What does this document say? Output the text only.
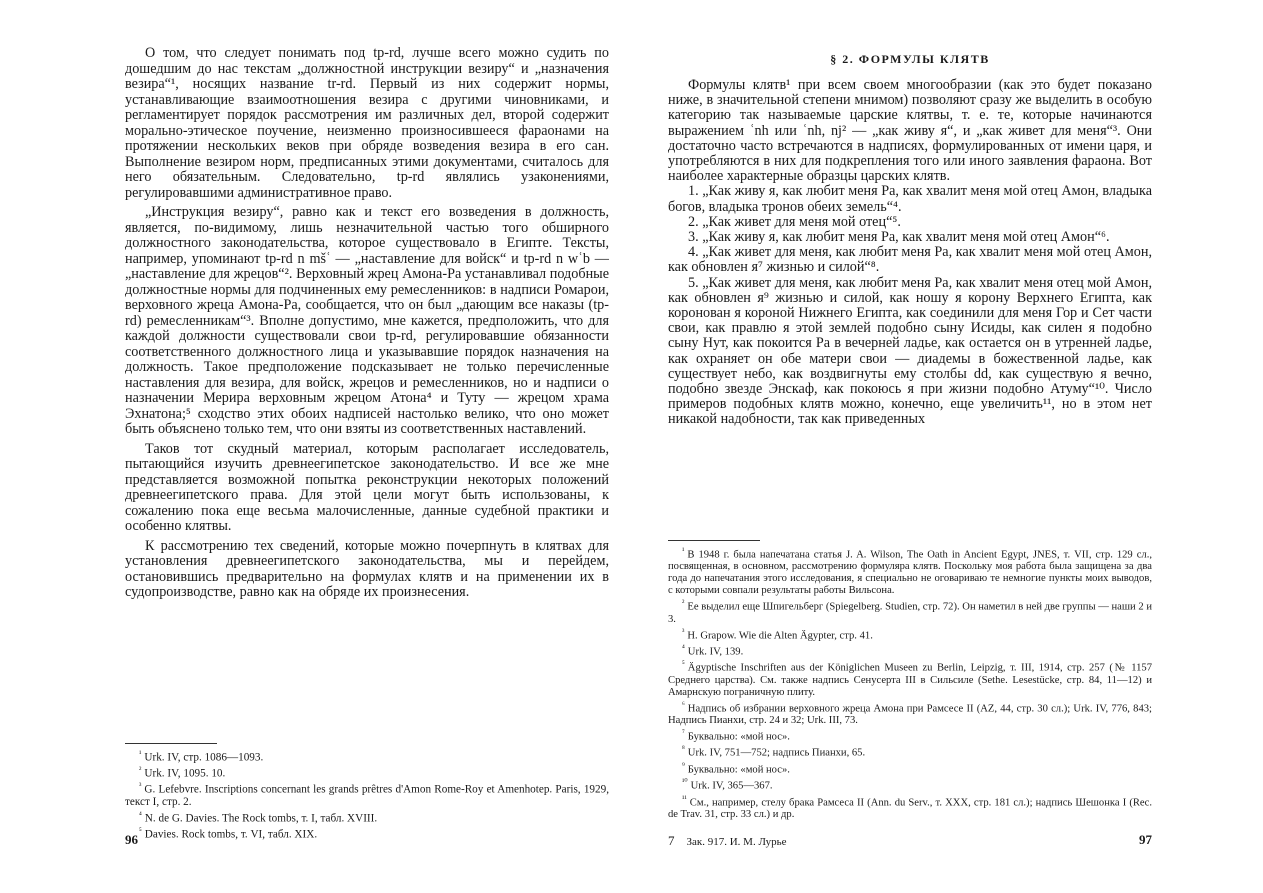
О том, что следует понимать под tp-rd, лучше всего можно судить по дошедшим до нас текстам „должностной инструкции везиру“ и „назначения везира“¹, носящих название tr-rd. Первый из них содержит нормы, устанавливающие взаимоотношения везира с другими чиновниками, и регламентирует порядок рассмотрения им различных дел, второй содержит морально-этическое поучение, неизменно произносившееся фараонами на протяжении нескольких веков при обряде возведения везира в его сан. Выполнение везиром норм, предписанных этими документами, считалось для него обязательным. Следовательно, tp-rd являлись узаконениями, регулировавшими административное право.

„Инструкция везиру“, равно как и текст его возведения в должность, является, по-видимому, лишь незначительной частью того обширного должностного законодательства, которое существовало в Египте. Тексты, например, упоминают tp-rd n mšʿ — „наставление для войск“ и tp-rd n wʿb — „наставление для жрецов“². Верховный жрец Амона-Ра устанавливал подобные должностные нормы для подчиненных ему ремесленников: в надписи Ромарои, верховного жреца Амона-Ра, сообщается, что он был „дающим все наказы (tp-rd) ремесленникам“³. Вполне допустимо, мне кажется, предположить, что для каждой должности существовали свои tp-rd, регулировавшие обязанности соответственного должностного лица и указывавшие порядок назначения на должность. Такое предположение подсказывает не только перечисленные наставления для везира, для войск, жрецов и ремесленников, но и надписи о назначении Мерира верховным жрецом Атона⁴ и Туту — жрецом храма Эхнатона;⁵ сходство этих обоих надписей настолько велико, что оно может быть объяснено только тем, что они взяты из соответственных наставлений.

Таков тот скудный материал, которым располагает исследователь, пытающийся изучить древнеегипетское законодательство. И все же мне представляется возможной попытка реконструкции некоторых положений древнеегипетского права. Для этой цели могут быть использованы, к сожалению пока еще весьма малочисленные, данные судебной практики и особенно клятвы.

К рассмотрению тех сведений, которые можно почерпнуть в клятвах для установления древнеегипетского законодательства, мы и перейдем, остановившись предварительно на формулах клятв и на применении их в судопроизводстве, равно как на обряде их произнесения.

$^{^1}$ Urk. IV, стр. 1086—1093.

$^{^2}$ Urk. IV, 1095. 10.

$^{^3}$ G. Lefebvre. Inscriptions concernant les grands prêtres d'Amon Rome-Roy et Amenhotep. Paris, 1929, текст I, стр. 2.

$^{^4}$ N. de G. Davies. The Rock tombs, т. I, табл. XVIII.

$^{^5}$ Davies. Rock tombs, т. VI, табл. XIX.

96
§ 2. ФОРМУЛЫ КЛЯТВ

Формулы клятв¹ при всем своем многообразии (как это будет показано ниже, в значительной степени мнимом) позволяют сразу же выделить в особую категорию так называемые царские клятвы, т. е. те, которые начинаются выражением ʿnh или ʿnh, nj² — „как живу я“, и „как живет для меня“³. Они достаточно часто встречаются в надписях, формулированных от имени царя, и употребляются в них для подкрепления того или иного заявления фараона. Вот наиболее характерные образцы царских клятв.

1. „Как живу я, как любит меня Ра, как хвалит меня мой отец Амон, владыка богов, владыка тронов обеих земель“⁴.

2. „Как живет для меня мой отец“⁵.

3. „Как живу я, как любит меня Ра, как хвалит меня мой отец Амон“⁶.

4. „Как живет для меня, как любит меня Ра, как хвалит меня мой отец Амон, как обновлен я⁷ жизнью и силой“⁸.

5. „Как живет для меня, как любит меня Ра, как хвалит меня отец мой Амон, как обновлен я⁹ жизнью и силой, как ношу я корону Верхнего Египта, как коронован я короной Нижнего Египта, как соединили для меня Гор и Сет части свои, как правлю я этой землей подобно сыну Исиды, как силен я подобно сыну Нут, как покоится Ра в вечерней ладье, как остается он в утренней ладье, как охраняет он обе матери свои — диадемы в божественной ладье, как существует небо, как воздвигнуты ему столбы dd, как существую я вечно, подобно звезде Энскаф, как покоюсь я при жизни подобно Атуму“¹⁰. Число примеров подобных клятв можно, конечно, еще увеличить¹¹, но в этом нет никакой надобности, так как приведенных

$^{^1}$ В 1948 г. была напечатана статья J. A. Wilson, The Oath in Ancient Egypt, JNES, т. VII, стр. 129 сл., посвященная, в основном, рассмотрению формуляра клятв. Поскольку моя работа была защищена за два года до напечатания этого исследования, я специально не оговариваю те немногие пункты моих выводов, с которыми совпали результаты работы Вильсона.

$^{^2}$ Ее выделил еще Шпигельберг (Spiegelberg. Studien, стр. 72). Он наметил в ней две группы — наши 2 и 3.

$^{^3}$ H. Grapow. Wie die Alten Ägypter, стр. 41.

$^{^4}$ Urk. IV, 139.

$^{^5}$ Ägyptische Inschriften aus der Königlichen Museen zu Berlin, Leipzig, т. III, 1914, стр. 257 (№ 1157 Среднего царства). См. также надпись Сенусерта III в Сильсиле (Sethe. Lesestücke, стр. 84, 11—12) и Амарнскую пограничную плиту.

$^{^6}$ Надпись об избрании верховного жреца Амона при Рамсесе II (AZ, 44, стр. 30 сл.); Urk. IV, 776, 843; Надпись Пианхи, стр. 24 и 32; Urk. III, 73.

$^{^7}$ Буквально: «мой нос».

$^{^8}$ Urk. IV, 751—752; надпись Пианхи, 65.

$^{^9}$ Буквально: «мой нос».

$^{^{10}}$ Urk. IV, 365—367.

$^{^{11}}$ См., например, стелу брака Рамсеса II (Ann. du Serv., т. XXX, стр. 181 сл.); надпись Шешонка I (Rec. de Trav. 31, стр. 33 сл.) и др.

7 Зак. 917. И. М. Лурье	97
